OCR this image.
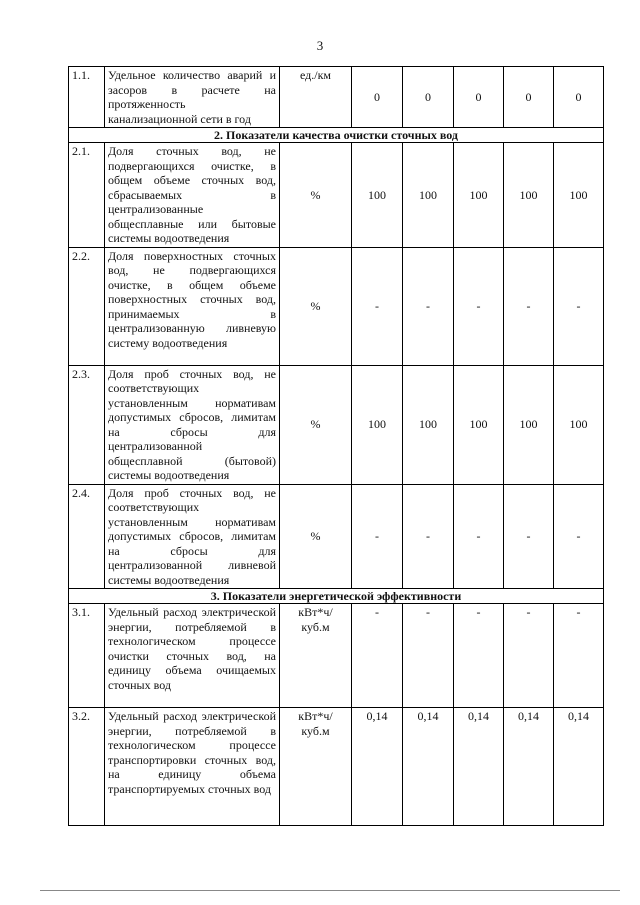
3
1.1.	Удельное количество аварий и засоров в расчете на протяженность канализационной сети в год	ед./км	0	0	0	0	0
2. Показатели качества очистки сточных вод							
2.1.	Доля сточных вод, не подвергающихся очистке, в общем объеме сточных вод, сбрасываемых в централизованные общесплавные или бытовые системы водоотведения	%	100	100	100	100	100
2.2.	Доля поверхностных сточных вод, не подвергающихся очистке, в общем объеме поверхностных сточных вод, принимаемых в централизованную ливневую систему водоотведения	%	-	-	-	-	-
2.3.	Доля проб сточных вод, не соответствующих установленным нормативам допустимых сбросов, лимитам на сбросы для централизованной общесплавной (бытовой) системы водоотведения	%	100	100	100	100	100
2.4.	Доля проб сточных вод, не соответствующих установленным нормативам допустимых сбросов, лимитам на сбросы для централизованной ливневой системы водоотведения	%	-	-	-	-	-
3. Показатели энергетической эффективности							
3.1.	Удельный расход электрической энергии, потребляемой в технологическом процессе очистки сточных вод, на единицу объема очищаемых сточных вод	кВт*ч/ куб.м	-	-	-	-	-
3.2.	Удельный расход электрической энергии, потребляемой в технологическом процессе транспортировки сточных вод, на единицу объема транспортируемых сточных вод	кВт*ч/ куб.м	0,14	0,14	0,14	0,14	0,14
